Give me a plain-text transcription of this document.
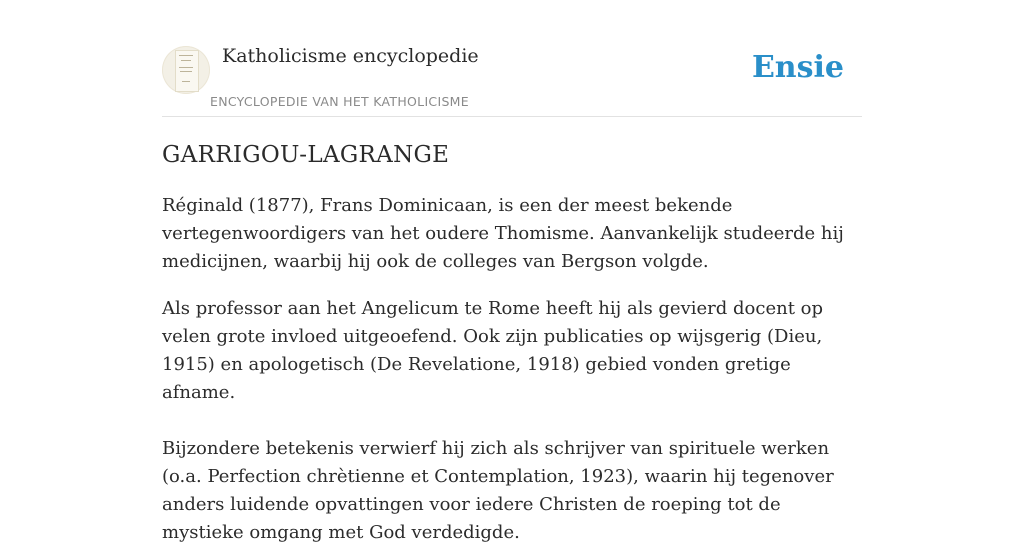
Katholicisme encyclopedie
ENCYCLOPEDIE VAN HET KATHOLICISME
Ensie
GARRIGOU-LAGRANGE

Réginald (1877), Frans Dominicaan, is een der meest bekende vertegenwoordigers van het oudere Thomisme. Aanvankelijk studeerde hij medicijnen, waarbij hij ook de colleges van Bergson volgde.

Als professor aan het Angelicum te Rome heeft hij als gevierd docent op velen grote invloed uitgeoefend. Ook zijn publicaties op wijsgerig (Dieu, 1915) en apologetisch (De Revelatione, 1918) gebied vonden gretige afname.

Bijzondere betekenis verwierf hij zich als schrijver van spirituele werken (o.a. Perfection chrètienne et Contemplation, 1923), waarin hij tegenover anders luidende opvattingen voor iedere Christen de roeping tot de mystieke omgang met God verdedigde.
